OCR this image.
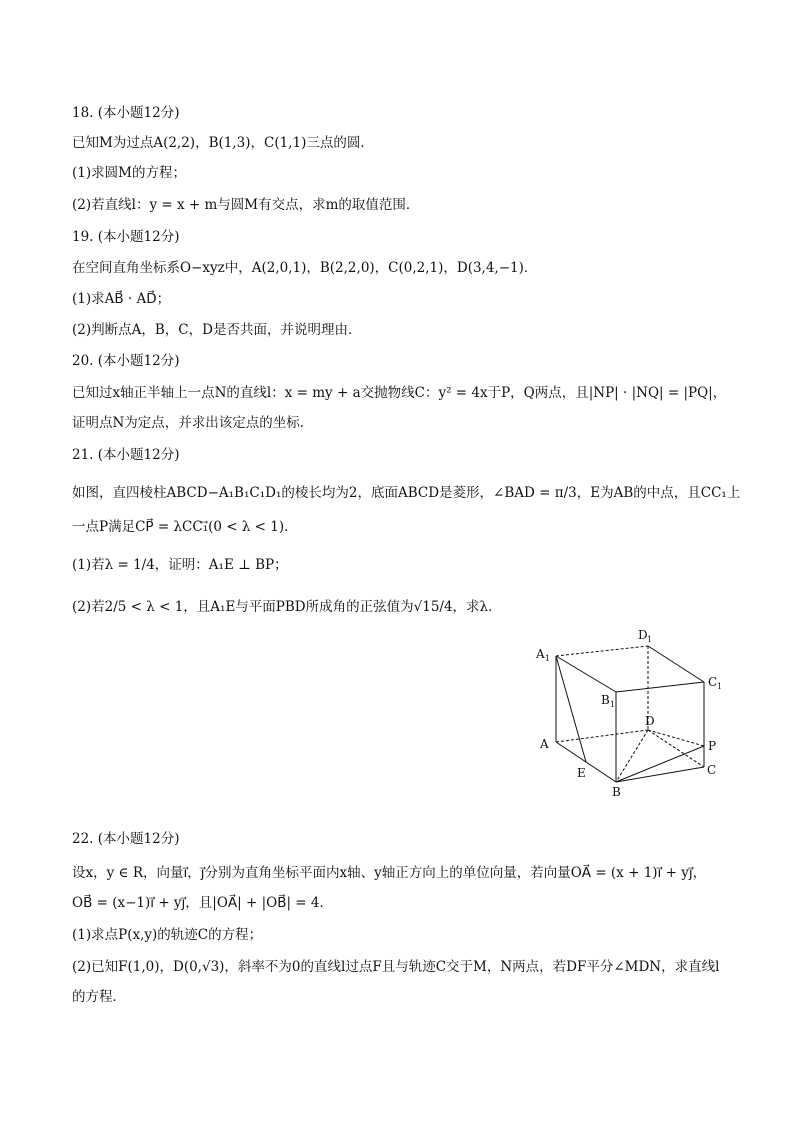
18. (本小题12分)
已知M为过点A(2,2)，B(1,3)，C(1,1)三点的圆．
(1)求圆M的方程；
(2)若直线l：y = x + m与圆M有交点，求m的取值范围．
19. (本小题12分)
在空间直角坐标系O−xyz中，A(2,0,1)，B(2,2,0)，C(0,2,1)，D(3,4,−1)．
(1)求AB⃗ · AD⃗；
(2)判断点A，B，C，D是否共面，并说明理由．
20. (本小题12分)
已知过x轴正半轴上一点N的直线l：x = my + a交抛物线C：y² = 4x于P，Q两点，且|NP| · |NQ| = |PQ|，
证明点N为定点，并求出该定点的坐标．
21. (本小题12分)
如图，直四棱柱ABCD−A₁B₁C₁D₁的棱长均为2，底面ABCD是菱形，∠BAD = π/3，E为AB的中点，且CC₁上
一点P满足CP⃗ = λCC₁⃗(0 < λ < 1)．
(1)若λ = 1/4，证明：A₁E ⊥ BP；
(2)若2/5 < λ < 1，且A₁E与平面PBD所成角的正弦值为√15/4，求λ．
A 1
D 1
B 1
C 1
A
D
P
C
E
B
22. (本小题12分)
设x，y ∈ R，向量i⃗，j⃗分别为直角坐标平面内x轴、y轴正方向上的单位向量，若向量OA⃗ = (x + 1)i⃗ + yj⃗，
OB⃗ = (x−1)i⃗ + yj⃗，且|OA⃗| + |OB⃗| = 4．
(1)求点P(x,y)的轨迹C的方程；
(2)已知F(1,0)，D(0,√3)，斜率不为0的直线l过点F且与轨迹C交于M，N两点，若DF平分∠MDN，求直线l
的方程．
